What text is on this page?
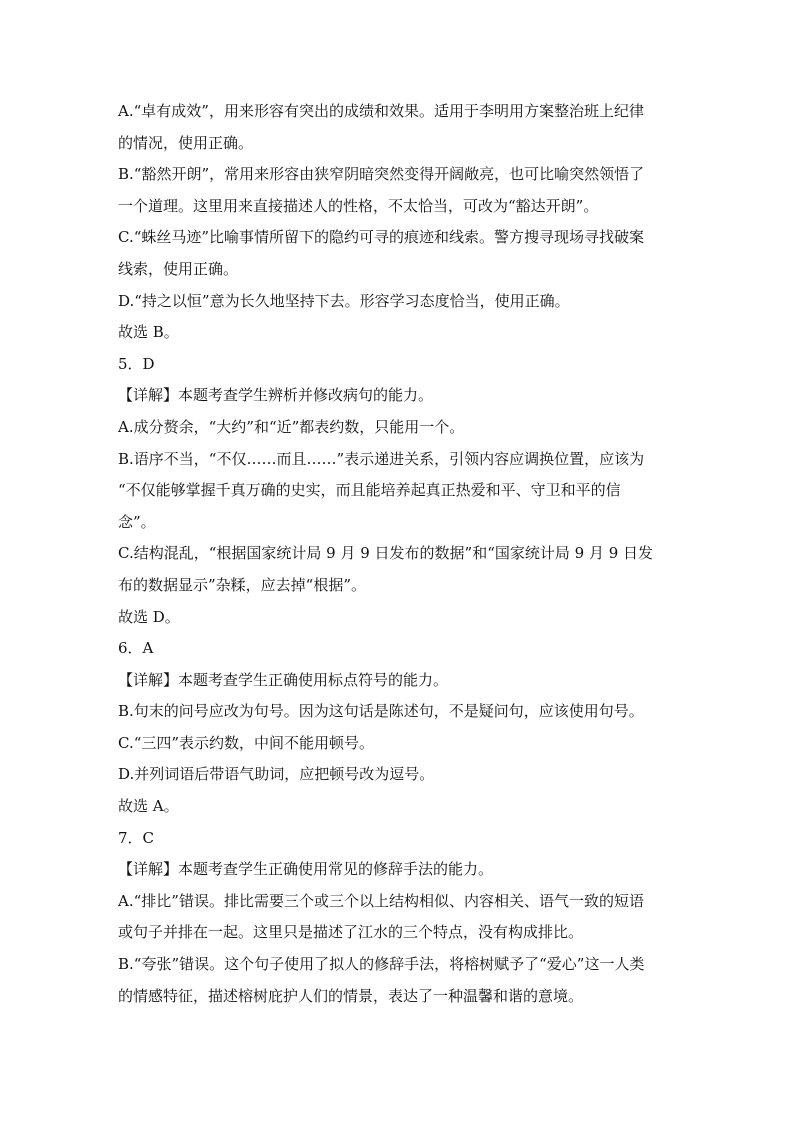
A.“卓有成效”，用来形容有突出的成绩和效果。适用于李明用方案整治班上纪律
的情况，使用正确。
B.“豁然开朗”，常用来形容由狭窄阴暗突然变得开阔敞亮，也可比喻突然领悟了
一个道理。这里用来直接描述人的性格，不太恰当，可改为“豁达开朗”。
C.“蛛丝马迹”比喻事情所留下的隐约可寻的痕迹和线索。警方搜寻现场寻找破案
线索，使用正确。
D.“持之以恒”意为长久地坚持下去。形容学习态度恰当，使用正确。
故选 B。
5．D
【详解】本题考查学生辨析并修改病句的能力。
A.成分赘余，“大约”和“近”都表约数，只能用一个。
B.语序不当，“不仅……而且……”表示递进关系，引领内容应调换位置，应该为
“不仅能够掌握千真万确的史实，而且能培养起真正热爱和平、守卫和平的信
念”。
C.结构混乱，“根据国家统计局 9 月 9 日发布的数据”和“国家统计局 9 月 9 日发
布的数据显示”杂糅，应去掉“根据”。
故选 D。
6．A
【详解】本题考查学生正确使用标点符号的能力。
B.句末的问号应改为句号。因为这句话是陈述句，不是疑问句，应该使用句号。
C.“三四”表示约数，中间不能用顿号。
D.并列词语后带语气助词，应把顿号改为逗号。
故选 A。
7．C
【详解】本题考查学生正确使用常见的修辞手法的能力。
A.“排比”错误。排比需要三个或三个以上结构相似、内容相关、语气一致的短语
或句子并排在一起。这里只是描述了江水的三个特点，没有构成排比。
B.“夸张”错误。这个句子使用了拟人的修辞手法，将榕树赋予了“爱心”这一人类
的情感特征，描述榕树庇护人们的情景，表达了一种温馨和谐的意境。
